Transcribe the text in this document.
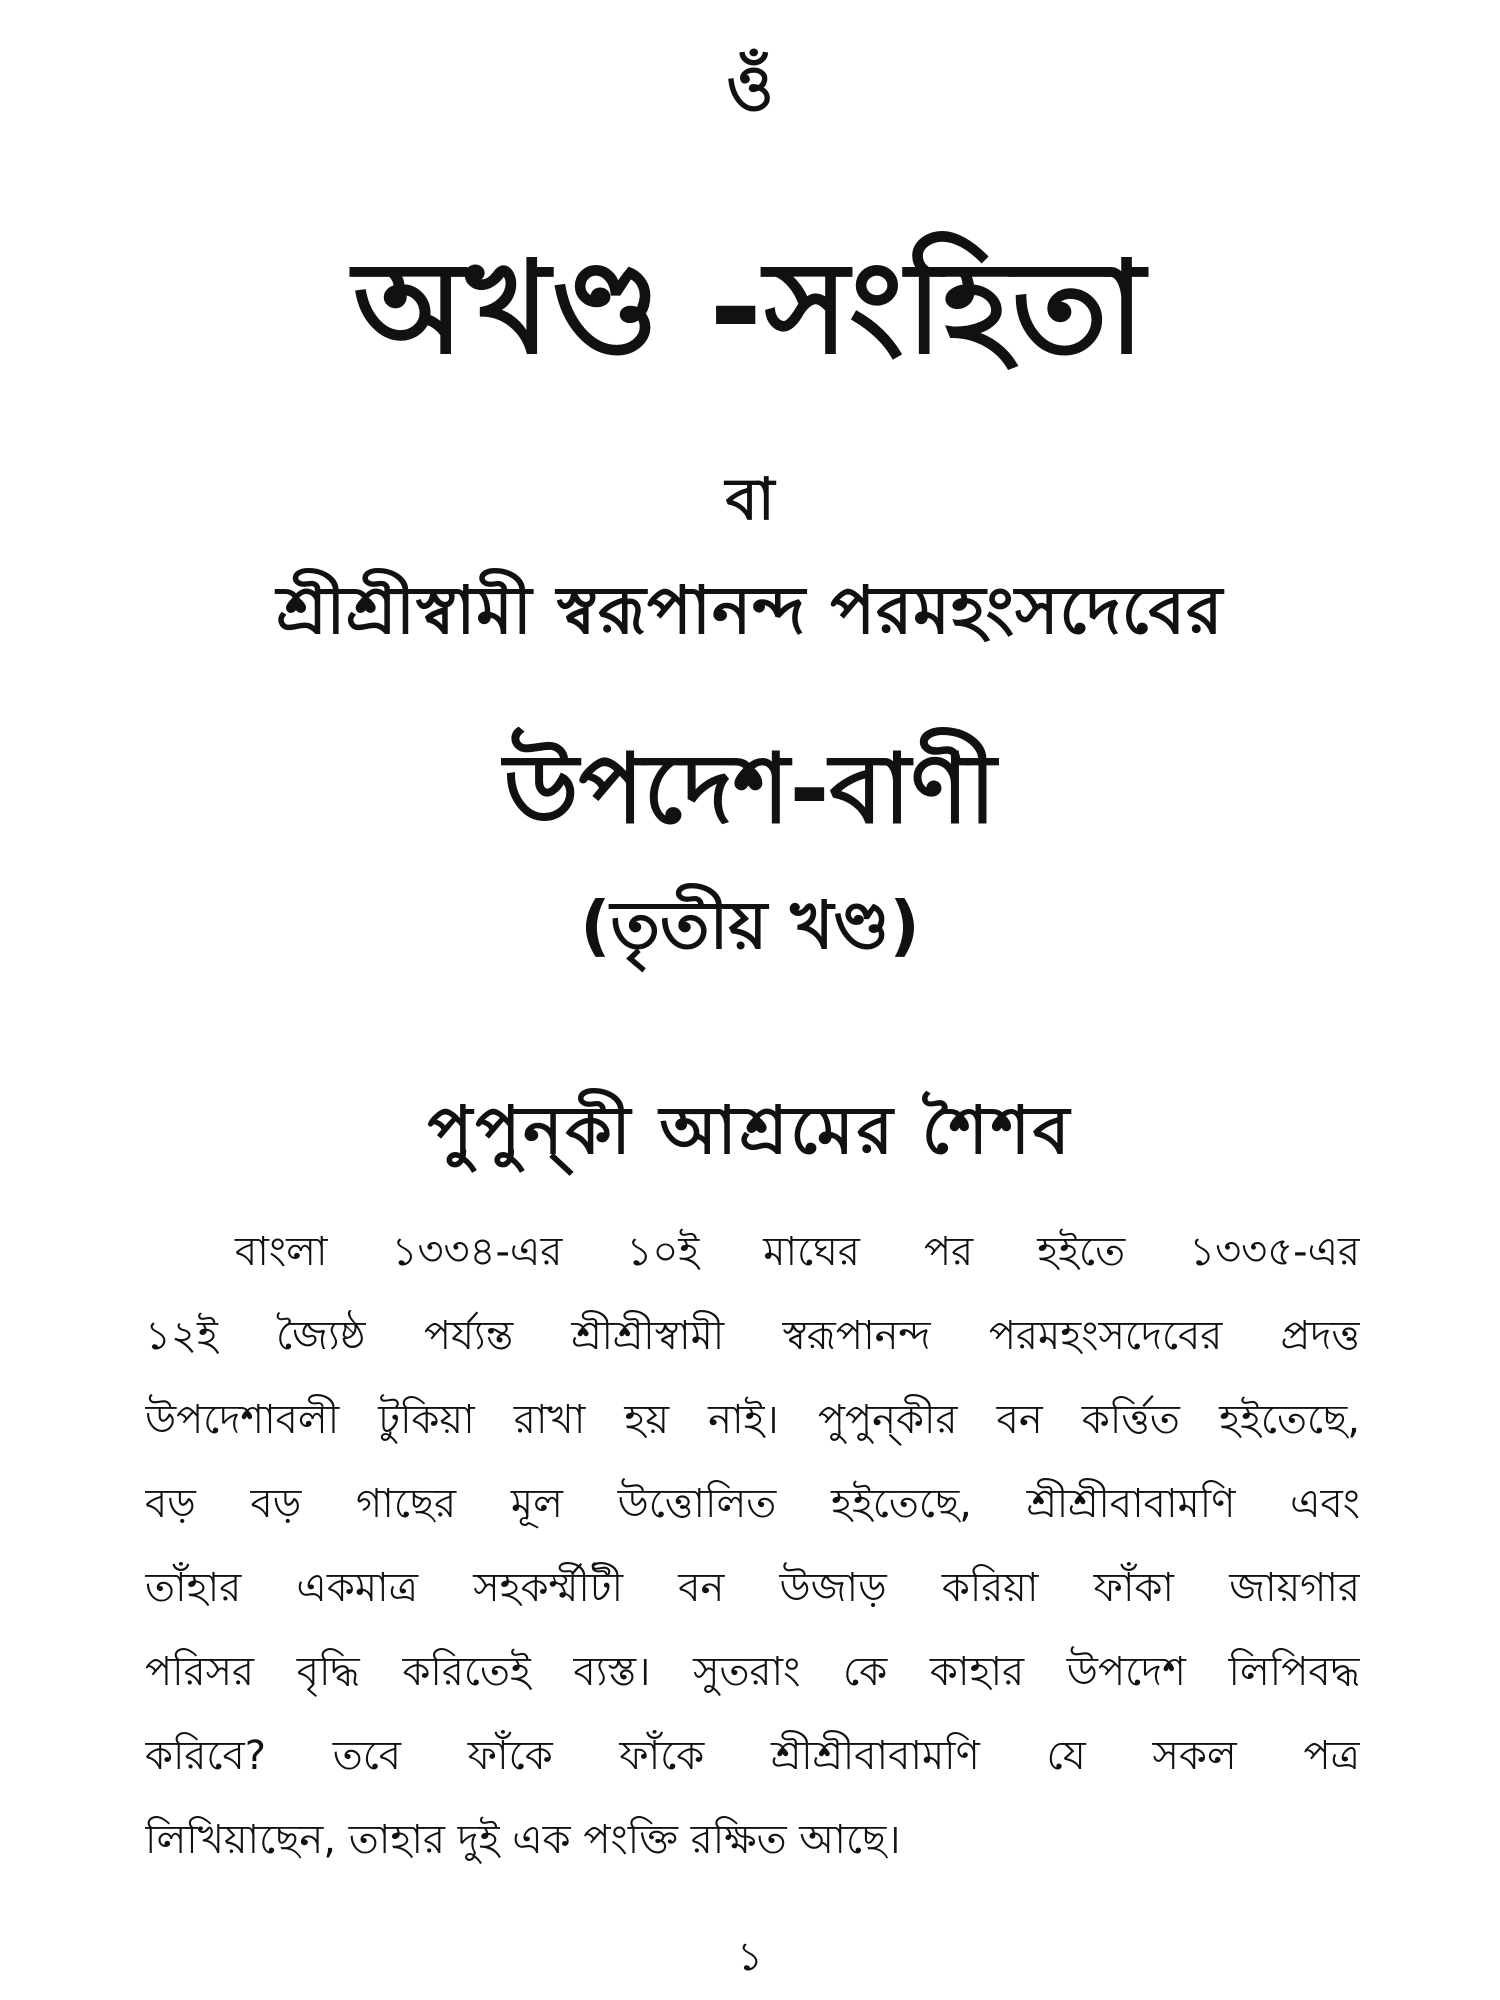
ওঁ
অখণ্ড -সংহিতা
বা
শ্রীশ্রীস্বামী স্বরূপানন্দ পরমহংসদেবের
উপদেশ-বাণী
(তৃতীয় খণ্ড)
পুপুন্‌কী আশ্রমের শৈশব
বাংলা ১৩৩৪-এর ১০ই মাঘের পর হইতে ১৩৩৫-এর
১২ই জ্যৈষ্ঠ পর্য্যন্ত শ্রীশ্রীস্বামী স্বরূপানন্দ পরমহংসদেবের প্রদত্ত
উপদেশাবলী টুকিয়া রাখা হয় নাই। পুপুন্‌কীর বন কর্ত্তিত হইতেছে,
বড় বড় গাছের মূল উত্তোলিত হইতেছে, শ্রীশ্রীবাবামণি এবং
তাঁহার একমাত্র সহকর্ম্মীটী বন উজাড় করিয়া ফাঁকা জায়গার
পরিসর বৃদ্ধি করিতেই ব্যস্ত। সুতরাং কে কাহার উপদেশ লিপিবদ্ধ
করিবে? তবে ফাঁকে ফাঁকে শ্রীশ্রীবাবামণি যে সকল পত্র
লিখিয়াছেন, তাহার দুই এক পংক্তি রক্ষিত আছে।
১
